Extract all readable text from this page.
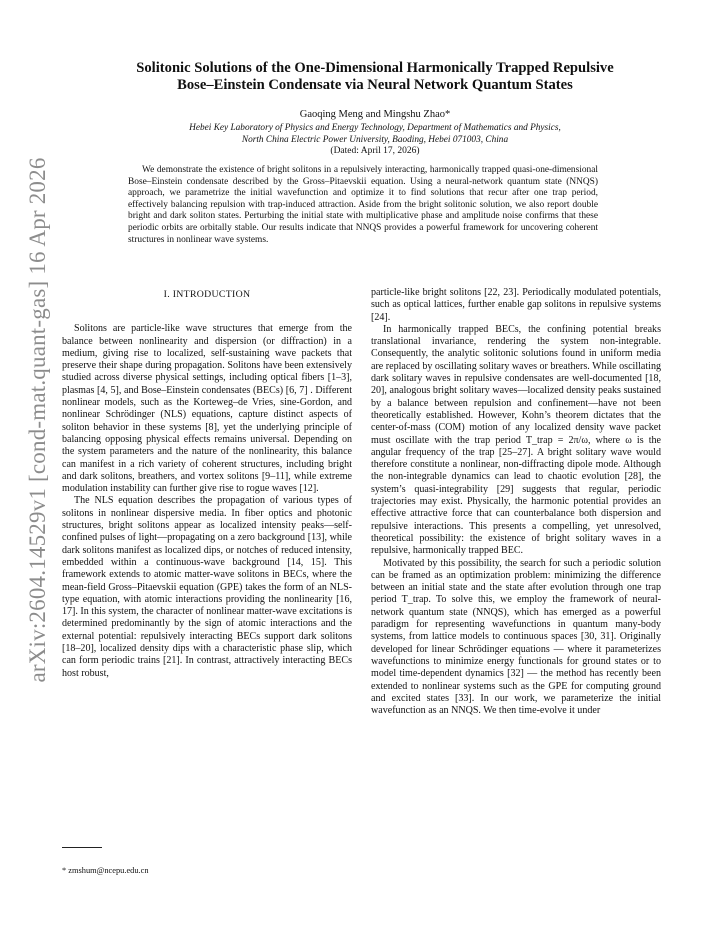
arXiv:2604.14529v1 [cond-mat.quant-gas] 16 Apr 2026
Solitonic Solutions of the One-Dimensional Harmonically Trapped Repulsive
Bose–Einstein Condensate via Neural Network Quantum States
Gaoqing Meng and Mingshu Zhao*
Hebei Key Laboratory of Physics and Energy Technology, Department of Mathematics and Physics,
North China Electric Power University, Baoding, Hebei 071003, China
(Dated: April 17, 2026)
We demonstrate the existence of bright solitons in a repulsively interacting, harmonically trapped quasi-one-dimensional Bose–Einstein condensate described by the Gross–Pitaevskii equation. Using a neural-network quantum state (NNQS) approach, we parametrize the initial wavefunction and optimize it to find solutions that recur after one trap period, effectively balancing repulsion with trap-induced attraction. Aside from the bright solitonic solution, we also report double bright and dark soliton states. Perturbing the initial state with multiplicative phase and amplitude noise confirms that these periodic orbits are orbitally stable. Our results indicate that NNQS provides a powerful framework for uncovering coherent structures in nonlinear wave systems.
I. INTRODUCTION

Solitons are particle-like wave structures that emerge from the balance between nonlinearity and dispersion (or diffraction) in a medium, giving rise to localized, self-sustaining wave packets that preserve their shape during propagation. Solitons have been extensively studied across diverse physical settings, including optical fibers [1–3], plasmas [4, 5], and Bose–Einstein condensates (BECs) [6, 7] . Different nonlinear models, such as the Korteweg–de Vries, sine-Gordon, and nonlinear Schrödinger (NLS) equations, capture distinct aspects of soliton behavior in these systems [8], yet the underlying principle of balancing opposing physical effects remains universal. Depending on the system parameters and the nature of the nonlinearity, this balance can manifest in a rich variety of coherent structures, including bright and dark solitons, breathers, and vortex solitons [9–11], while extreme modulation instability can further give rise to rogue waves [12].

The NLS equation describes the propagation of various types of solitons in nonlinear dispersive media. In fiber optics and photonic structures, bright solitons appear as localized intensity peaks—self-confined pulses of light—propagating on a zero background [13], while dark solitons manifest as localized dips, or notches of reduced intensity, embedded within a continuous-wave background [14, 15]. This framework extends to atomic matter-wave solitons in BECs, where the mean-field Gross–Pitaevskii equation (GPE) takes the form of an NLS-type equation, with atomic interactions providing the nonlinearity [16, 17]. In this system, the character of nonlinear matter-wave excitations is determined predominantly by the sign of atomic interactions and the external potential: repulsively interacting BECs support dark solitons [18–20], localized density dips with a characteristic phase slip, which can form periodic trains [21]. In contrast, attractively interacting BECs host robust,

particle-like bright solitons [22, 23]. Periodically modulated potentials, such as optical lattices, further enable gap solitons in repulsive systems [24].

In harmonically trapped BECs, the confining potential breaks translational invariance, rendering the system non-integrable. Consequently, the analytic solitonic solutions found in uniform media are replaced by oscillating solitary waves or breathers. While oscillating dark solitary waves in repulsive condensates are well-documented [18, 20], analogous bright solitary waves—localized density peaks sustained by a balance between repulsion and confinement—have not been theoretically established. However, Kohn’s theorem dictates that the center-of-mass (COM) motion of any localized density wave packet must oscillate with the trap period T_trap = 2π/ω, where ω is the angular frequency of the trap [25–27]. A bright solitary wave would therefore constitute a nonlinear, non-diffracting dipole mode. Although the non-integrable dynamics can lead to chaotic evolution [28], the system’s quasi-integrability [29] suggests that regular, periodic trajectories may exist. Physically, the harmonic potential provides an effective attractive force that can counterbalance both dispersion and repulsive interactions. This presents a compelling, yet unresolved, theoretical possibility: the existence of bright solitary waves in a repulsive, harmonically trapped BEC.

Motivated by this possibility, the search for such a periodic solution can be framed as an optimization problem: minimizing the difference between an initial state and the state after evolution through one trap period T_trap. To solve this, we employ the framework of neural-network quantum state (NNQS), which has emerged as a powerful paradigm for representing wavefunctions in quantum many-body systems, from lattice models to continuous spaces [30, 31]. Originally developed for linear Schrödinger equations — where it parameterizes wavefunctions to minimize energy functionals for ground states or to model time-dependent dynamics [32] — the method has recently been extended to nonlinear systems such as the GPE for computing ground and excited states [33]. In our work, we parameterize the initial wavefunction as an NNQS. We then time-evolve it under

* zmshum@ncepu.edu.cn
